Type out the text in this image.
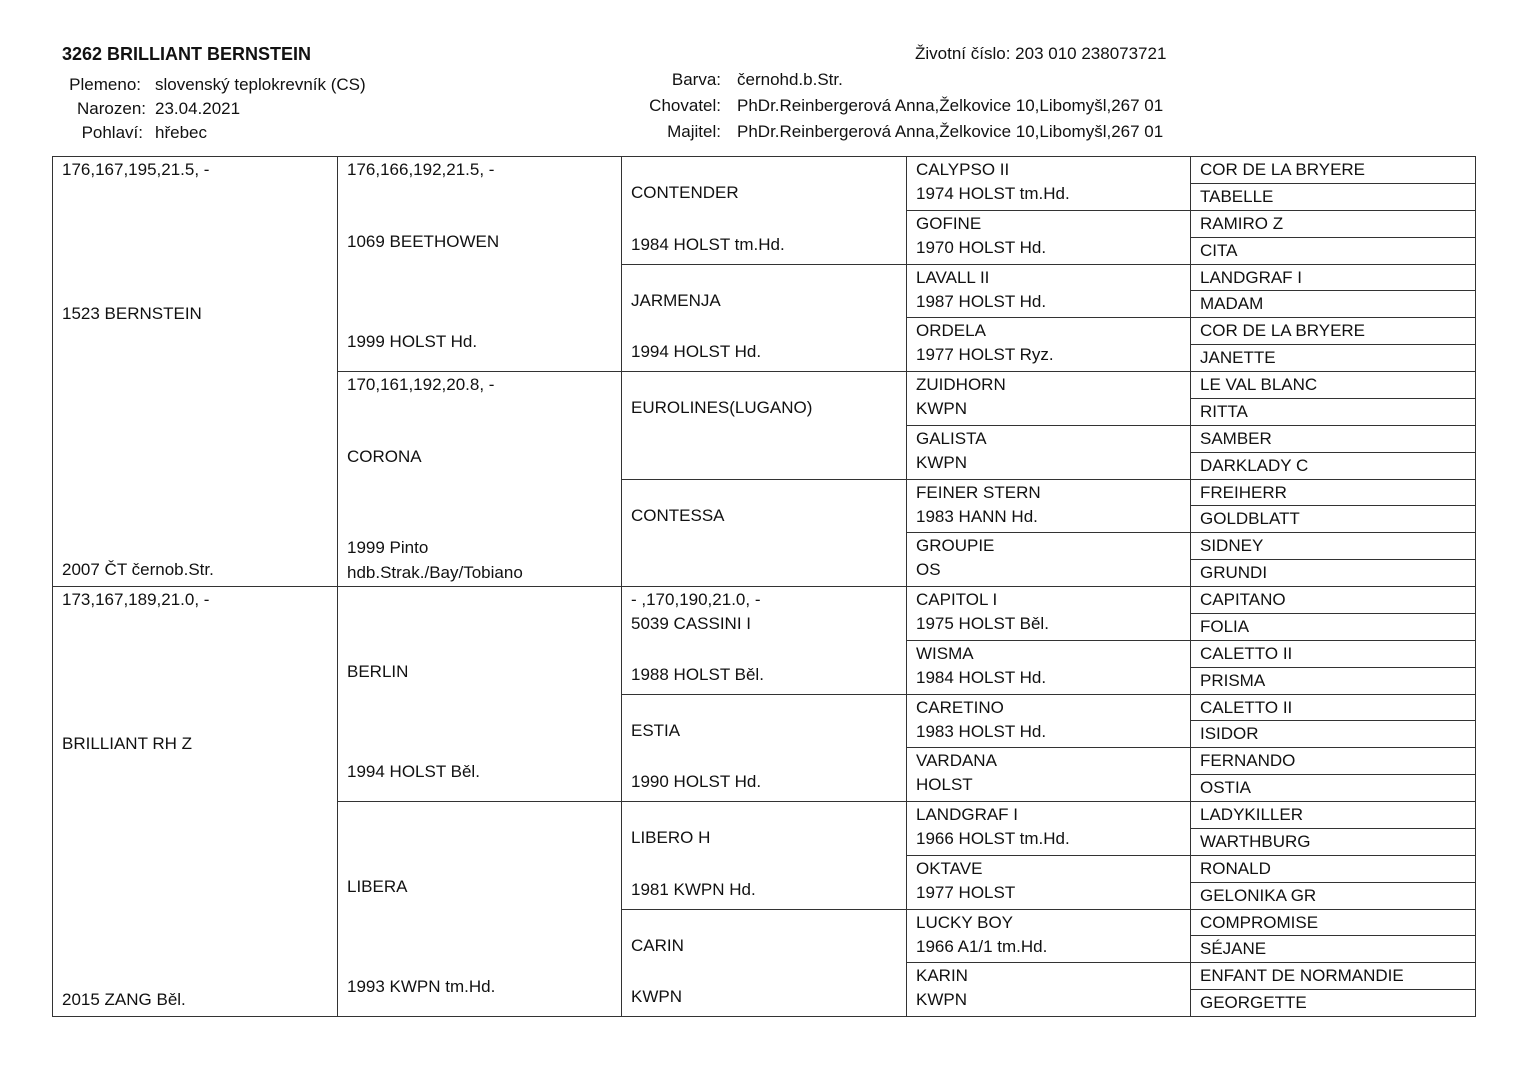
3262 BRILLIANT BERNSTEIN	Životní číslo: 203 010 238073721
Plemeno: slovenský teplokrevník (CS)
Narozen: 23.04.2021
Pohlaví: hřebec
Barva: černohd.b.Str.
Chovatel: PhDr.Reinbergerová Anna,Želkovice 10,Libomyšl,267 01
Majitel: PhDr.Reinbergerová Anna,Želkovice 10,Libomyšl,267 01
176,167,195,21.5, -
1523 BERNSTEIN
2007 ČT černob.Str.
173,167,189,21.0, -
BRILLIANT RH Z
2015 ZANG Běl.
176,166,192,21.5, -
1069 BEETHOWEN
1999 HOLST Hd.
170,161,192,20.8, -
CORONA
1999 Pinto
hdb.Strak./Bay/Tobiano
BERLIN
1994 HOLST Běl.
LIBERA
1993 KWPN tm.Hd.
CONTENDER
1984 HOLST tm.Hd.
JARMENJA
1994 HOLST Hd.
EUROLINES(LUGANO)
CONTESSA
- ,170,190,21.0, -
5039 CASSINI I
1988 HOLST Běl.
ESTIA
1990 HOLST Hd.
LIBERO H
1981 KWPN Hd.
CARIN
KWPN
CALYPSO II
1974 HOLST tm.Hd.
GOFINE
1970 HOLST Hd.
LAVALL II
1987 HOLST Hd.
ORDELA
1977 HOLST Ryz.
ZUIDHORN
KWPN
GALISTA
KWPN
FEINER STERN
1983 HANN Hd.
GROUPIE
OS
CAPITOL I
1975 HOLST Běl.
WISMA
1984 HOLST Hd.
CARETINO
1983 HOLST Hd.
VARDANA
HOLST
LANDGRAF I
1966 HOLST tm.Hd.
OKTAVE
1977 HOLST
LUCKY BOY
1966 A1/1 tm.Hd.
KARIN
KWPN
COR DE LA BRYERE
TABELLE
RAMIRO Z
CITA
LANDGRAF I
MADAM
COR DE LA BRYERE
JANETTE
LE VAL BLANC
RITTA
SAMBER
DARKLADY C
FREIHERR
GOLDBLATT
SIDNEY
GRUNDI
CAPITANO
FOLIA
CALETTO II
PRISMA
CALETTO II
ISIDOR
FERNANDO
OSTIA
LADYKILLER
WARTHBURG
RONALD
GELONIKA GR
COMPROMISE
SÉJANE
ENFANT DE NORMANDIE
GEORGETTE
